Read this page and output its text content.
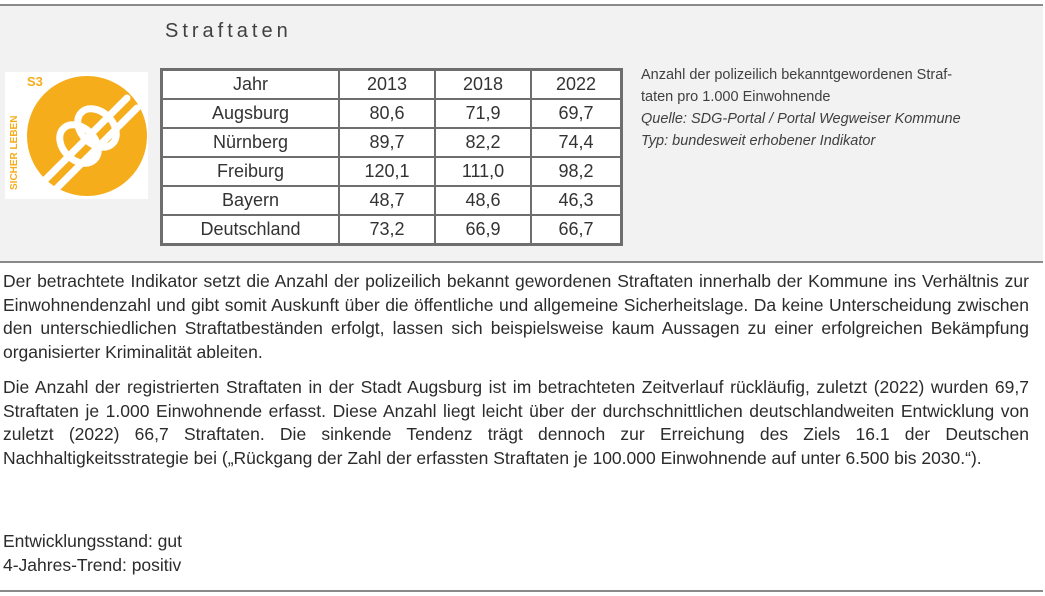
Straftaten
S3
SICHER LEBEN
Jahr	2013	2018	2022
Augsburg	80,6	71,9	69,7
Nürnberg	89,7	82,2	74,4
Freiburg	120,1	111,0	98,2
Bayern	48,7	48,6	46,3
Deutschland	73,2	66,9	66,7
Anzahl der polizeilich bekanntgewordenen Straf-
taten pro 1.000 Einwohnende
Quelle: SDG-Portal / Portal Wegweiser Kommune
Typ: bundesweit erhobener Indikator

Der betrachtete Indikator setzt die Anzahl der polizeilich bekannt gewordenen Straftaten innerhalb der Kommune ins Verhältnis zur Einwohnendenzahl und gibt somit Auskunft über die öffentliche und allgemeine Sicherheitslage. Da keine Unterscheidung zwischen den unterschiedlichen Straftatbeständen erfolgt, lassen sich beispielsweise kaum Aussagen zu einer erfolgreichen Bekämpfung organisierter Kriminalität ableiten.

Die Anzahl der registrierten Straftaten in der Stadt Augsburg ist im betrachteten Zeitverlauf rückläufig, zuletzt (2022) wurden 69,7 Straftaten je 1.000 Einwohnende erfasst. Diese Anzahl liegt leicht über der durchschnittlichen deutschlandweiten Entwicklung von zuletzt (2022) 66,7 Straftaten. Die sinkende Tendenz trägt dennoch zur Erreichung des Ziels 16.1 der Deutschen Nachhaltigkeitsstrategie bei („Rückgang der Zahl der erfassten Straftaten je 100.000 Einwohnende auf unter 6.500 bis 2030.“).

Entwicklungsstand: gut
4-Jahres-Trend: positiv
